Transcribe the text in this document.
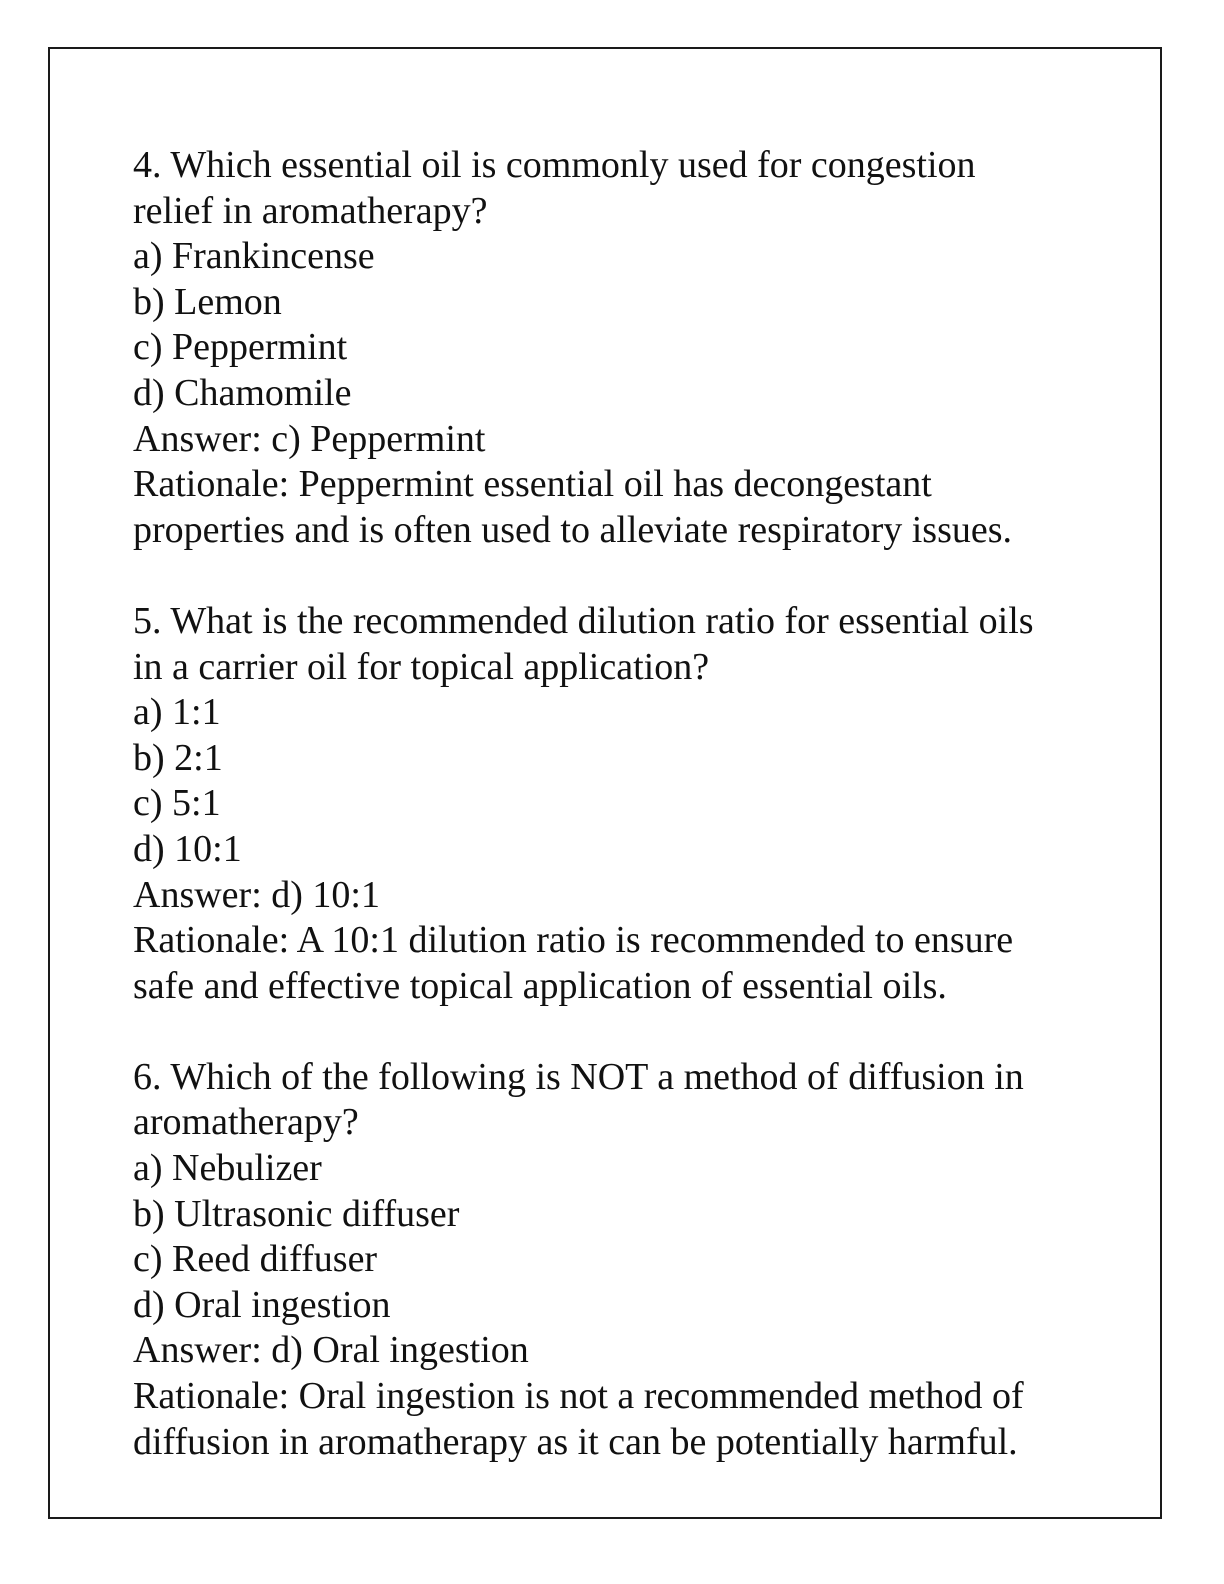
4. Which essential oil is commonly used for congestion
relief in aromatherapy?
a) Frankincense
b) Lemon
c) Peppermint
d) Chamomile
Answer: c) Peppermint
Rationale: Peppermint essential oil has decongestant
properties and is often used to alleviate respiratory issues.
5. What is the recommended dilution ratio for essential oils
in a carrier oil for topical application?
a) 1:1
b) 2:1
c) 5:1
d) 10:1
Answer: d) 10:1
Rationale: A 10:1 dilution ratio is recommended to ensure
safe and effective topical application of essential oils.
6. Which of the following is NOT a method of diffusion in
aromatherapy?
a) Nebulizer
b) Ultrasonic diffuser
c) Reed diffuser
d) Oral ingestion
Answer: d) Oral ingestion
Rationale: Oral ingestion is not a recommended method of
diffusion in aromatherapy as it can be potentially harmful.
